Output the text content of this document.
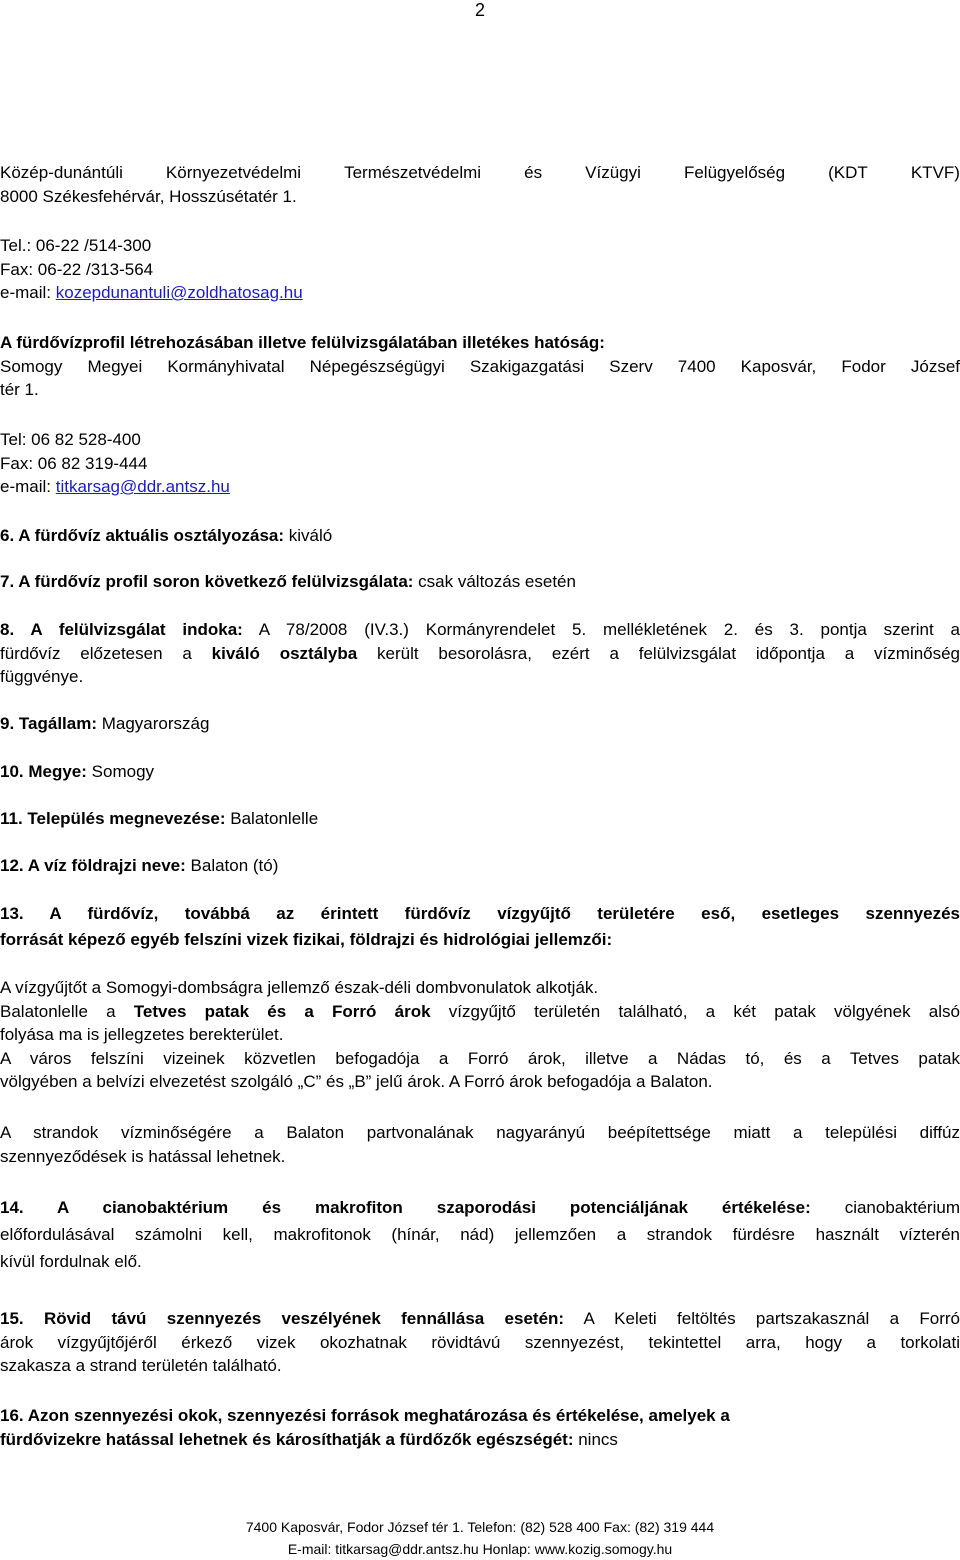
2
Közép-dunántúli	Környezetvédelmi	Természetvédelmi	és	Vízügyi	Felügyelőség	(KDT	KTVF)
8000 Székesfehérvár, Hosszúsétatér 1.
Tel.: 06-22 /514-300
Fax: 06-22 /313-564
e-mail: kozepdunantuli@zoldhatosag.hu
A fürdővízprofil létrehozásában illetve felülvizsgálatában illetékes hatóság:
Somogy Megyei Kormányhivatal Népegészségügyi Szakigazgatási Szerv 7400 Kaposvár, Fodor József
tér 1.
Tel: 06 82 528-400
Fax: 06 82 319-444
e-mail: titkarsag@ddr.antsz.hu
6. A fürdővíz aktuális osztályozása: kiváló
7. A fürdővíz profil soron következő felülvizsgálata: csak változás esetén
8. A felülvizsgálat indoka: A 78/2008 (IV.3.) Kormányrendelet 5. mellékletének 2. és 3. pontja szerint a
fürdővíz előzetesen a kiváló osztályba került besorolásra, ezért a felülvizsgálat időpontja a vízminőség
függvénye.
9. Tagállam: Magyarország
10. Megye: Somogy
11. Település megnevezése: Balatonlelle
12. A víz földrajzi neve: Balaton (tó)
13. A fürdővíz, továbbá az érintett fürdővíz vízgyűjtő területére eső, esetleges szennyezés
forrását képező egyéb felszíni vizek fizikai, földrajzi és hidrológiai jellemzői:
A vízgyűjtőt a Somogyi-dombságra jellemző észak-déli dombvonulatok alkotják.
Balatonlelle a Tetves patak és a Forró árok vízgyűjtő területén található, a két patak völgyének alsó
folyása ma is jellegzetes berekterület.
A város felszíni vizeinek közvetlen befogadója a Forró árok, illetve a Nádas tó, és a Tetves patak
völgyében a belvízi elvezetést szolgáló „C” és „B” jelű árok. A Forró árok befogadója a Balaton.
A strandok vízminőségére a Balaton partvonalának nagyarányú beépítettsége miatt a települési diffúz
szennyeződések is hatással lehetnek.
14. A cianobaktérium és makrofiton szaporodási potenciáljának értékelése: cianobaktérium
előfordulásával számolni kell, makrofitonok (hínár, nád) jellemzően a strandok fürdésre használt vízterén
kívül fordulnak elő.
15. Rövid távú szennyezés veszélyének fennállása esetén: A Keleti feltöltés partszakasznál a Forró
árok vízgyűjtőjéről érkező vizek okozhatnak rövidtávú szennyezést, tekintettel arra, hogy a torkolati
szakasza a strand területén található.
16. Azon szennyezési okok, szennyezési források meghatározása és értékelése, amelyek a
fürdővizekre hatással lehetnek és károsíthatják a fürdőzők egészségét: nincs
7400 Kaposvár, Fodor József tér 1. Telefon: (82) 528 400 Fax: (82) 319 444
E-mail: titkarsag@ddr.antsz.hu Honlap: www.kozig.somogy.hu
